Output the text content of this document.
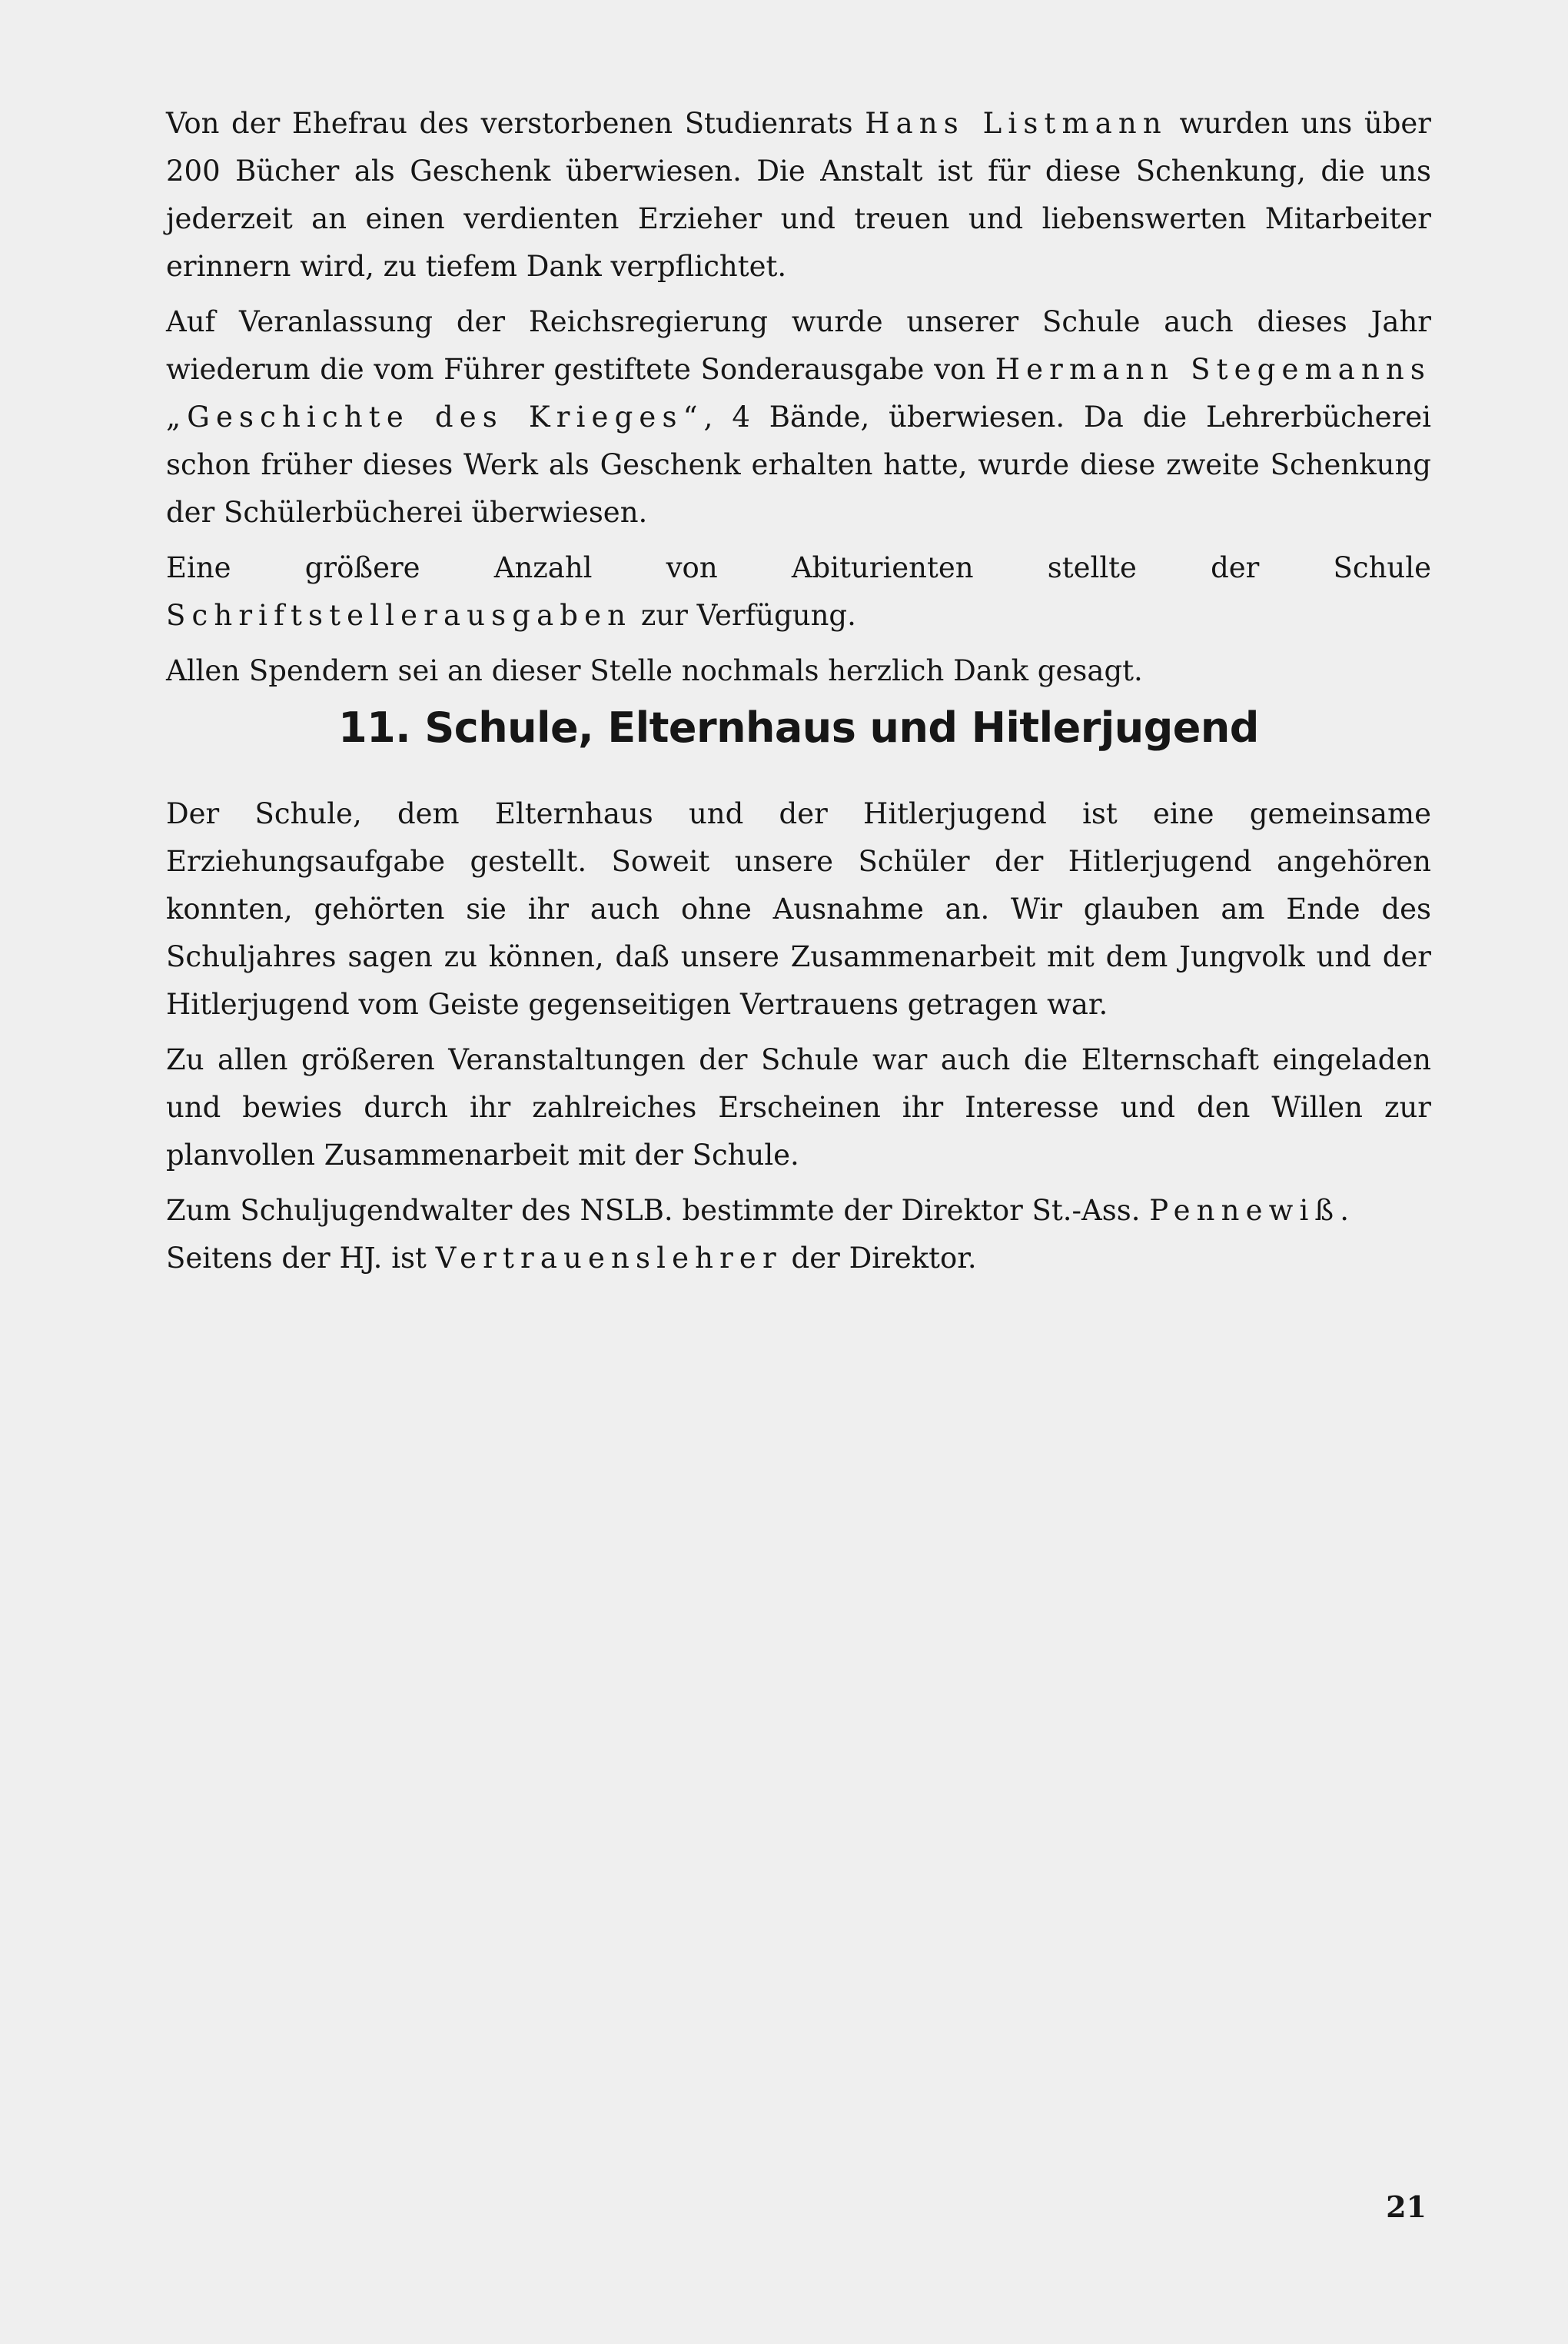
Von der Ehefrau des verstorbenen Studienrats Hans Listmann wurden uns über 200 Bücher als Geschenk überwiesen. Die Anstalt ist für diese Schenkung, die uns jederzeit an einen verdienten Erzieher und treuen und liebenswerten Mitarbeiter erinnern wird, zu tiefem Dank verpflichtet.

Auf Veranlassung der Reichsregierung wurde unserer Schule auch dieses Jahr wiederum die vom Führer gestiftete Sonderausgabe von Hermann Stegemanns „Geschichte des Krieges“, 4 Bände, überwiesen. Da die Lehrerbücherei schon früher dieses Werk als Geschenk erhalten hatte, wurde diese zweite Schenkung der Schülerbücherei überwiesen.

Eine größere Anzahl von Abiturienten stellte der Schule Schriftstellerausgaben zur Verfügung.

Allen Spendern sei an dieser Stelle nochmals herzlich Dank gesagt.

11. Schule, Elternhaus und Hitlerjugend

Der Schule, dem Elternhaus und der Hitlerjugend ist eine gemeinsame Erziehungsaufgabe gestellt. Soweit unsere Schüler der Hitlerjugend angehören konnten, gehörten sie ihr auch ohne Ausnahme an. Wir glauben am Ende des Schuljahres sagen zu können, daß unsere Zusammenarbeit mit dem Jungvolk und der Hitlerjugend vom Geiste gegenseitigen Vertrauens getragen war.

Zu allen größeren Veranstaltungen der Schule war auch die Elternschaft eingeladen und bewies durch ihr zahlreiches Erscheinen ihr Interesse und den Willen zur planvollen Zusammenarbeit mit der Schule.

Zum Schuljugendwalter des NSLB. bestimmte der Direktor St.-Ass. Pennewiß.

Seitens der HJ. ist Vertrauenslehrer der Direktor.

21
